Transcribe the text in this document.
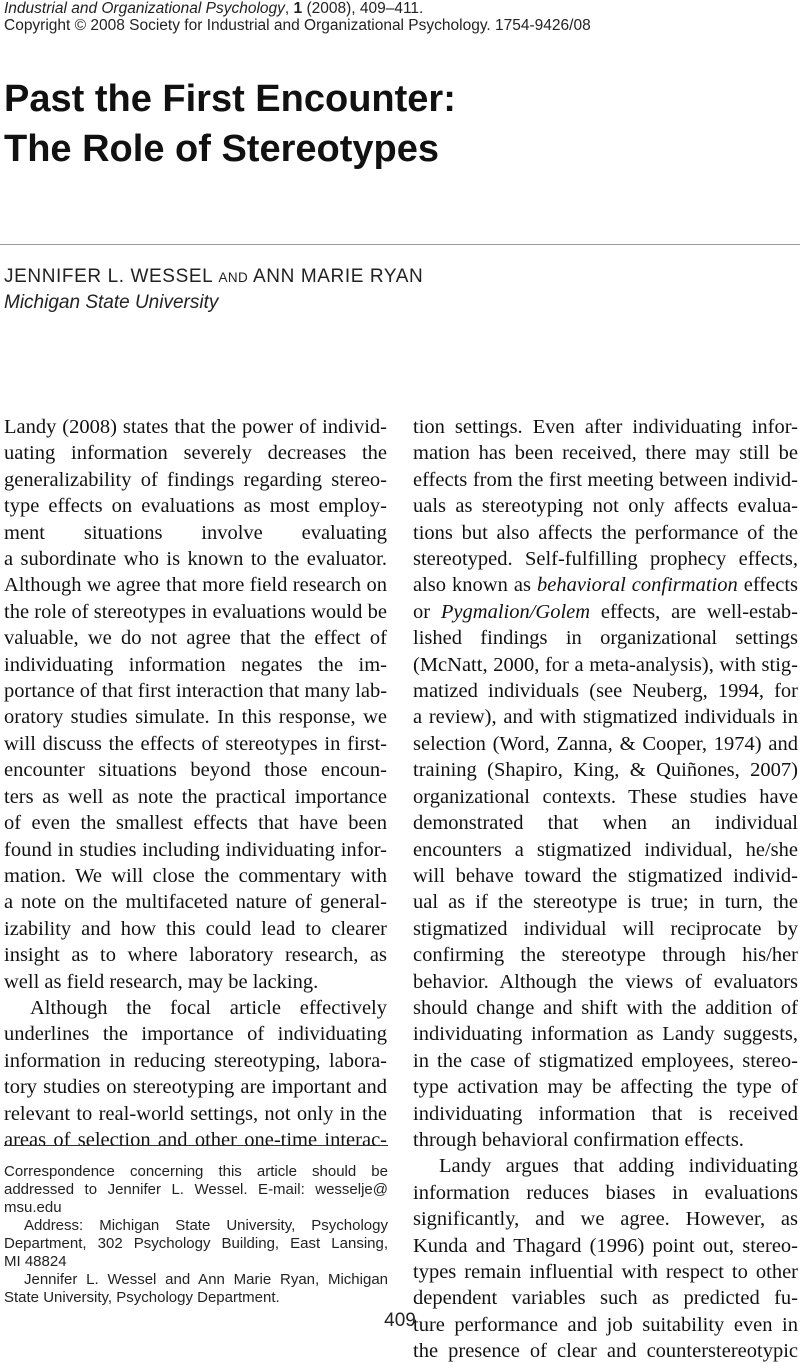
Industrial and Organizational Psychology, 1 (2008), 409–411.
Copyright © 2008 Society for Industrial and Organizational Psychology. 1754-9426/08
Past the First Encounter:
The Role of Stereotypes
JENNIFER L. WESSEL AND ANN MARIE RYAN
Michigan State University
Landy (2008) states that the power of individ-
uating information severely decreases the
generalizability of findings regarding stereo-
type effects on evaluations as most employ-
ment situations involve evaluating
a subordinate who is known to the evaluator.
Although we agree that more field research on
the role of stereotypes in evaluations would be
valuable, we do not agree that the effect of
individuating information negates the im-
portance of that first interaction that many lab-
oratory studies simulate. In this response, we
will discuss the effects of stereotypes in first-
encounter situations beyond those encoun-
ters as well as note the practical importance
of even the smallest effects that have been
found in studies including individuating infor-
mation. We will close the commentary with
a note on the multifaceted nature of general-
izability and how this could lead to clearer
insight as to where laboratory research, as
well as field research, may be lacking.
Although the focal article effectively
underlines the importance of individuating
information in reducing stereotyping, labora-
tory studies on stereotyping are important and
relevant to real-world settings, not only in the
areas of selection and other one-time interac-
tion settings. Even after individuating infor-
mation has been received, there may still be
effects from the first meeting between individ-
uals as stereotyping not only affects evalua-
tions but also affects the performance of the
stereotyped. Self-fulfilling prophecy effects,
also known as behavioral confirmation effects
or Pygmalion/Golem effects, are well-estab-
lished findings in organizational settings
(McNatt, 2000, for a meta-analysis), with stig-
matized individuals (see Neuberg, 1994, for
a review), and with stigmatized individuals in
selection (Word, Zanna, & Cooper, 1974) and
training (Shapiro, King, & Quiñones, 2007)
organizational contexts. These studies have
demonstrated that when an individual
encounters a stigmatized individual, he/she
will behave toward the stigmatized individ-
ual as if the stereotype is true; in turn, the
stigmatized individual will reciprocate by
confirming the stereotype through his/her
behavior. Although the views of evaluators
should change and shift with the addition of
individuating information as Landy suggests,
in the case of stigmatized employees, stereo-
type activation may be affecting the type of
individuating information that is received
through behavioral confirmation effects.
Landy argues that adding individuating
information reduces biases in evaluations
significantly, and we agree. However, as
Kunda and Thagard (1996) point out, stereo-
types remain influential with respect to other
dependent variables such as predicted fu-
ture performance and job suitability even in
the presence of clear and counterstereotypic
Correspondence concerning this article should be
addressed to Jennifer L. Wessel. E-mail: wesselje@
msu.edu
Address: Michigan State University, Psychology
Department, 302 Psychology Building, East Lansing,
MI 48824
Jennifer L. Wessel and Ann Marie Ryan, Michigan
State University, Psychology Department.
409
